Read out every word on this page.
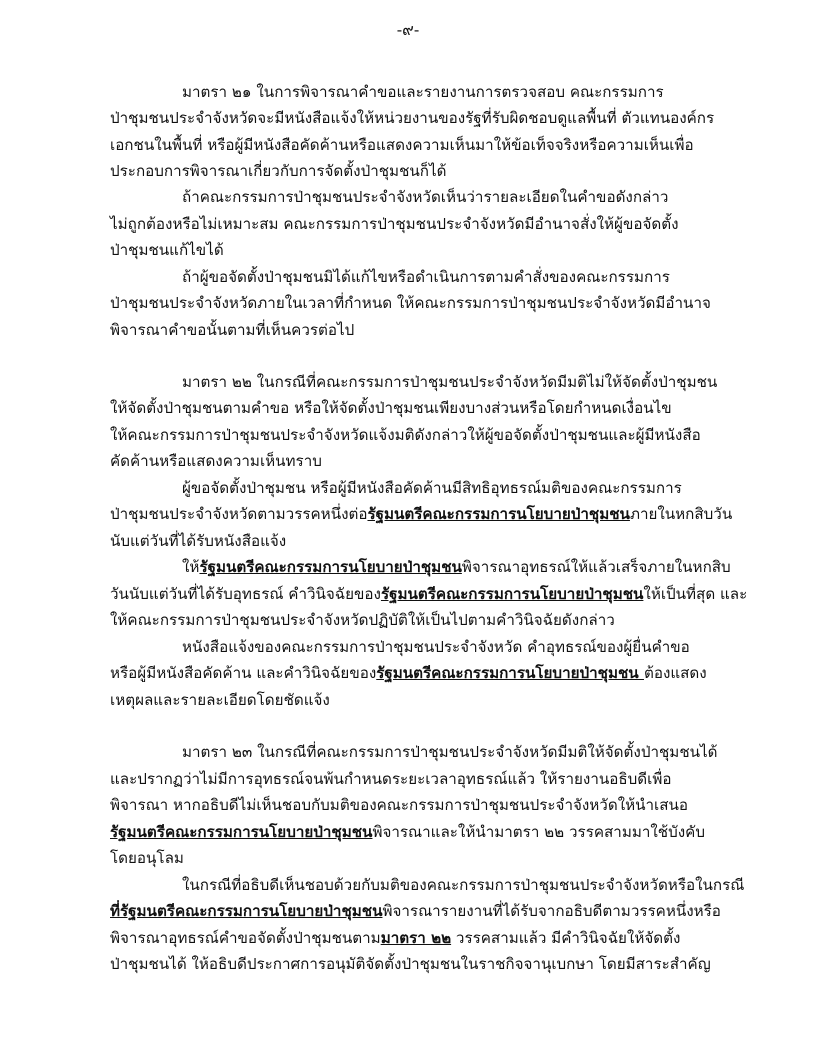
-๙-
มาตรา ๒๑ ในการพิจารณาคำขอและรายงานการตรวจสอบ คณะกรรมการ
ป่าชุมชนประจำจังหวัดจะมีหนังสือแจ้งให้หน่วยงานของรัฐที่รับผิดชอบดูแลพื้นที่ ตัวแทนองค์กร
เอกชนในพื้นที่ หรือผู้มีหนังสือคัดค้านหรือแสดงความเห็นมาให้ข้อเท็จจริงหรือความเห็นเพื่อ
ประกอบการพิจารณาเกี่ยวกับการจัดตั้งป่าชุมชนก็ได้
ถ้าคณะกรรมการป่าชุมชนประจำจังหวัดเห็นว่ารายละเอียดในคำขอดังกล่าว
ไม่ถูกต้องหรือไม่เหมาะสม คณะกรรมการป่าชุมชนประจำจังหวัดมีอำนาจสั่งให้ผู้ขอจัดตั้ง
ป่าชุมชนแก้ไขได้
ถ้าผู้ขอจัดตั้งป่าชุมชนมิได้แก้ไขหรือดำเนินการตามคำสั่งของคณะกรรมการ
ป่าชุมชนประจำจังหวัดภายในเวลาที่กำหนด ให้คณะกรรมการป่าชุมชนประจำจังหวัดมีอำนาจ
พิจารณาคำขอนั้นตามที่เห็นควรต่อไป
มาตรา ๒๒ ในกรณีที่คณะกรรมการป่าชุมชนประจำจังหวัดมีมติไม่ให้จัดตั้งป่าชุมชน
ให้จัดตั้งป่าชุมชนตามคำขอ หรือให้จัดตั้งป่าชุมชนเพียงบางส่วนหรือโดยกำหนดเงื่อนไข
ให้คณะกรรมการป่าชุมชนประจำจังหวัดแจ้งมติดังกล่าวให้ผู้ขอจัดตั้งป่าชุมชนและผู้มีหนังสือ
คัดค้านหรือแสดงความเห็นทราบ
ผู้ขอจัดตั้งป่าชุมชน หรือผู้มีหนังสือคัดค้านมีสิทธิอุทธรณ์มติของคณะกรรมการ
ป่าชุมชนประจำจังหวัดตามวรรคหนึ่งต่อรัฐมนตรีคณะกรรมการนโยบายป่าชุมชนภายในหกสิบวัน
นับแต่วันที่ได้รับหนังสือแจ้ง
ให้รัฐมนตรีคณะกรรมการนโยบายป่าชุมชนพิจารณาอุทธรณ์ให้แล้วเสร็จภายในหกสิบ
วันนับแต่วันที่ได้รับอุทธรณ์ คำวินิจฉัยของรัฐมนตรีคณะกรรมการนโยบายป่าชุมชนให้เป็นที่สุด และ
ให้คณะกรรมการป่าชุมชนประจำจังหวัดปฏิบัติให้เป็นไปตามคำวินิจฉัยดังกล่าว
หนังสือแจ้งของคณะกรรมการป่าชุมชนประจำจังหวัด คำอุทธรณ์ของผู้ยื่นคำขอ
หรือผู้มีหนังสือคัดค้าน และคำวินิจฉัยของรัฐมนตรีคณะกรรมการนโยบายป่าชุมชน ต้องแสดง
เหตุผลและรายละเอียดโดยชัดแจ้ง
มาตรา ๒๓ ในกรณีที่คณะกรรมการป่าชุมชนประจำจังหวัดมีมติให้จัดตั้งป่าชุมชนได้
และปรากฏว่าไม่มีการอุทธรณ์จนพ้นกำหนดระยะเวลาอุทธรณ์แล้ว ให้รายงานอธิบดีเพื่อ
พิจารณา หากอธิบดีไม่เห็นชอบกับมติของคณะกรรมการป่าชุมชนประจำจังหวัดให้นำเสนอ
รัฐมนตรีคณะกรรมการนโยบายป่าชุมชนพิจารณาและให้นำมาตรา ๒๒ วรรคสามมาใช้บังคับ
โดยอนุโลม
ในกรณีที่อธิบดีเห็นชอบด้วยกับมติของคณะกรรมการป่าชุมชนประจำจังหวัดหรือในกรณี
ที่รัฐมนตรีคณะกรรมการนโยบายป่าชุมชนพิจารณารายงานที่ได้รับจากอธิบดีตามวรรคหนึ่งหรือ
พิจารณาอุทธรณ์คำขอจัดตั้งป่าชุมชนตามมาตรา ๒๒ วรรคสามแล้ว มีคำวินิจฉัยให้จัดตั้ง
ป่าชุมชนได้ ให้อธิบดีประกาศการอนุมัติจัดตั้งป่าชุมชนในราชกิจจานุเบกษา โดยมีสาระสำคัญ
